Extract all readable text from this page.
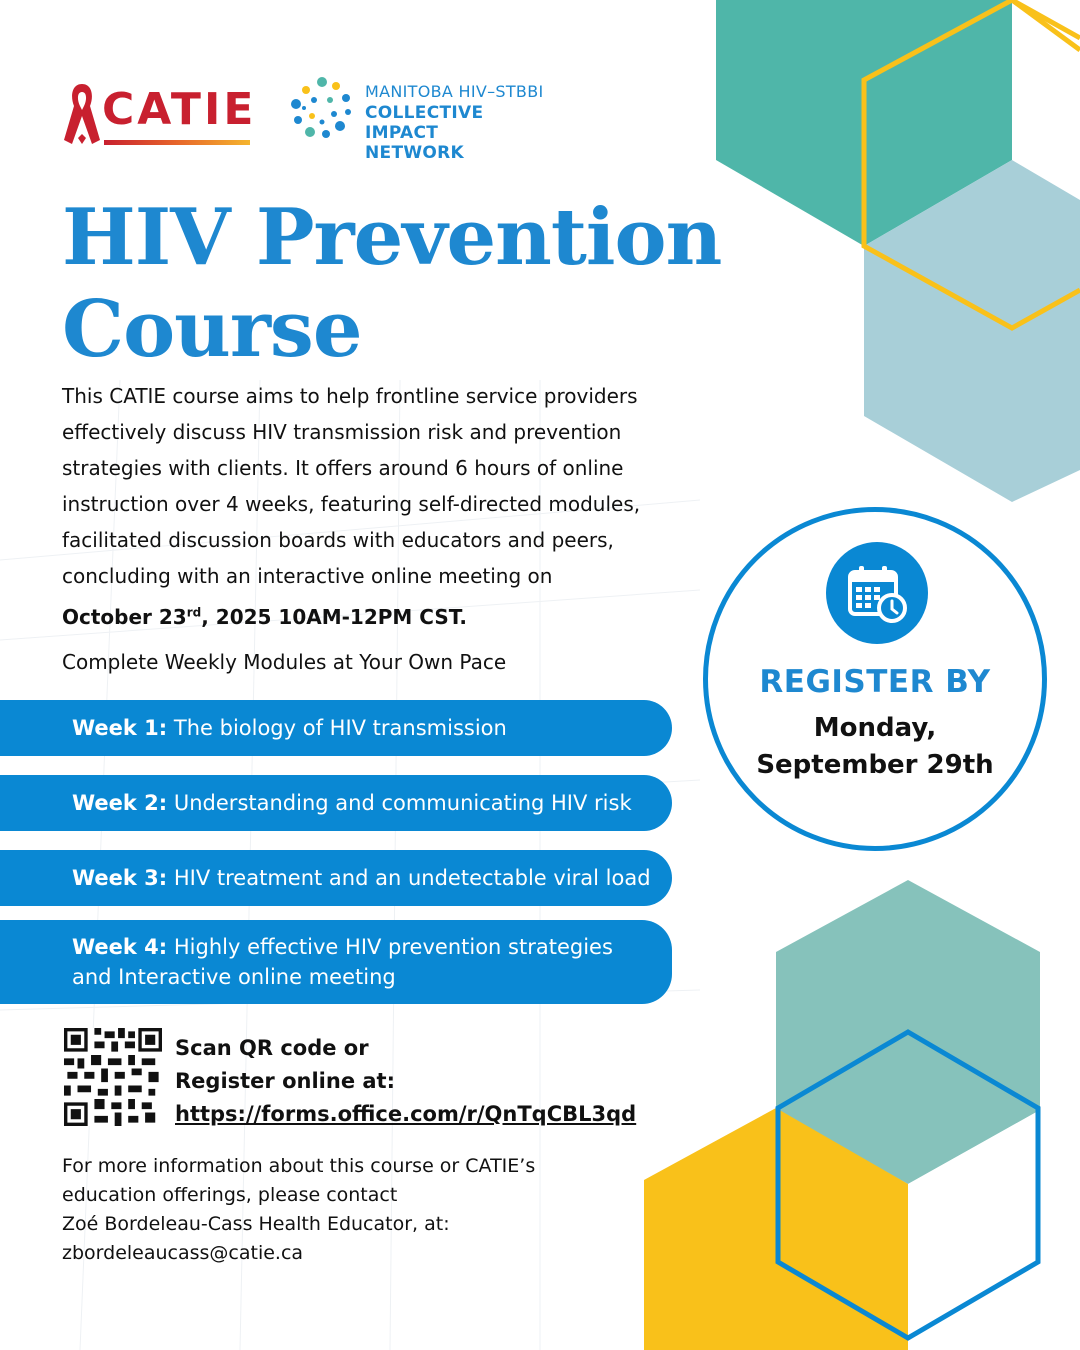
CATIE	MANITOBA HIV–STBBI
COLLECTIVE
IMPACT
NETWORK
HIV Prevention
Course

This CATIE course aims to help frontline service providers effectively discuss HIV transmission risk and prevention strategies with clients. It offers around 6 hours of online instruction over 4 weeks, featuring self-directed modules, facilitated discussion boards with educators and peers, concluding with an interactive online meeting on
October 23rd, 2025 10AM-12PM CST.

Complete Weekly Modules at Your Own Pace
Week 1: The biology of HIV transmission
Week 2: Understanding and communicating HIV risk
Week 3: HIV treatment and an undetectable viral load
Week 4: Highly effective HIV prevention strategies
and Interactive online meeting
Scan QR code or
Register online at:
https://forms.office.com/r/QnTqCBL3qd

For more information about this course or CATIE’s
education offerings, please contact
Zoé Bordeleau-Cass Health Educator, at:
zbordeleaucass@catie.ca

REGISTER BY
Monday,
September 29th
